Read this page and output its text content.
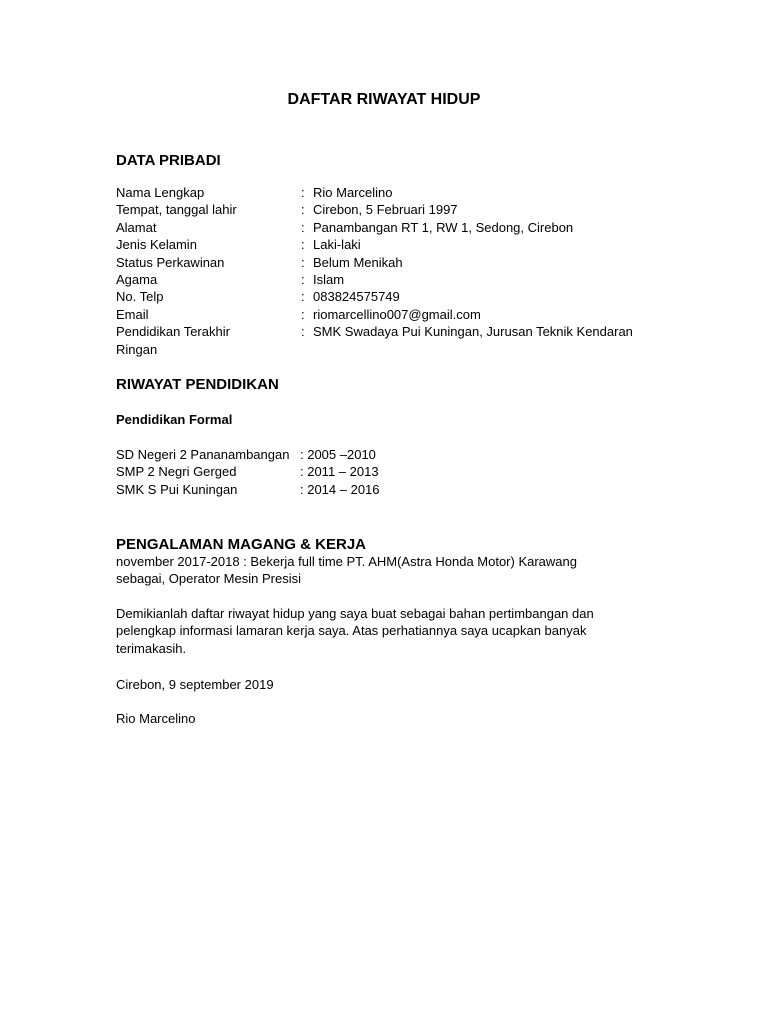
DAFTAR RIWAYAT HIDUP
DATA PRIBADI
Nama Lengkap	: Rio Marcelino
Tempat, tanggal lahir	: Cirebon, 5 Februari 1997
Alamat	: Panambangan RT 1, RW 1, Sedong, Cirebon
Jenis Kelamin	: Laki-laki
Status Perkawinan	: Belum Menikah
Agama	: Islam
No. Telp	: 083824575749
Email	: riomarcellino007@gmail.com
Pendidikan Terakhir	: SMK Swadaya Pui Kuningan, Jurusan Teknik Kendaran
Ringan
RIWAYAT PENDIDIKAN
Pendidikan Formal
SD Negeri 2 Pananambangan : 2005 –2010
SMP 2 Negri Gerged	: 2011 – 2013
SMK S Pui Kuningan	: 2014 – 2016
PENGALAMAN MAGANG & KERJA
november 2017-2018 : Bekerja full time PT. AHM(Astra Honda Motor) Karawang
sebagai, Operator Mesin Presisi
Demikianlah daftar riwayat hidup yang saya buat sebagai bahan pertimbangan dan
pelengkap informasi lamaran kerja saya. Atas perhatiannya saya ucapkan banyak
terimakasih.
Cirebon, 9 september 2019
Rio Marcelino
